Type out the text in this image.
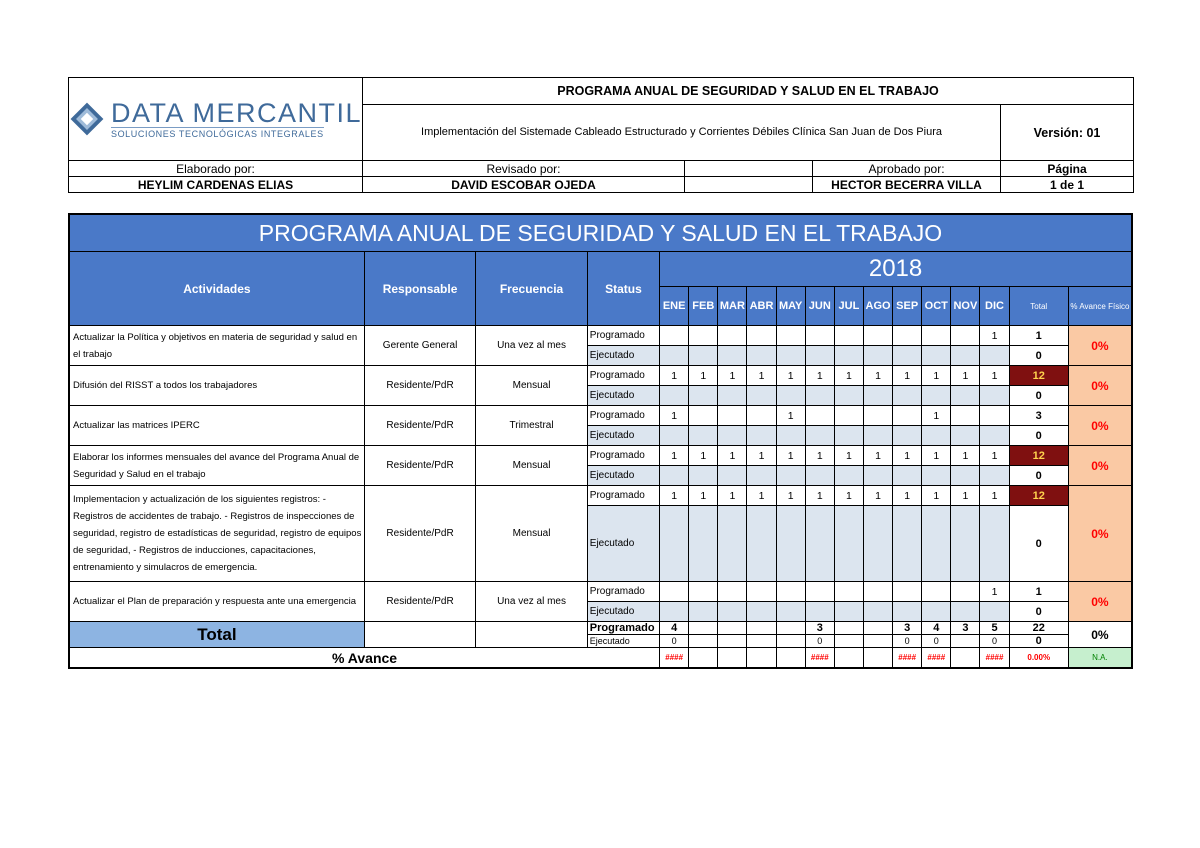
DATA MERCANTIL
SOLUCIONES TECNOLÓGICAS INTEGRALES	PROGRAMA ANUAL DE SEGURIDAD Y SALUD EN EL TRABAJO			
	Implementación del Sistemade Cableado Estructurado y Corrientes Débiles Clínica San Juan de Dos Piura			Versión: 01
Elaborado por:	Revisado por:		Aprobado por:	Página
HEYLIM CARDENAS ELIAS	DAVID ESCOBAR OJEDA		HECTOR BECERRA VILLA	1 de 1
PROGRAMA ANUAL DE SEGURIDAD Y SALUD EN EL TRABAJO																	
Actividades	Responsable	Frecuencia	Status	2018													
				ENE	FEB	MAR	ABR	MAY	JUN	JUL	AGO	SEP	OCT	NOV	DIC	Total	% Avance Físico
Actualizar la Política y objetivos en materia de seguridad y salud en el trabajo	Gerente General	Una vez al mes	Programado												1	1	0%
			Ejecutado													0	
Difusión del RISST a todos los trabajadores	Residente/PdR	Mensual	Programado	1	1	1	1	1	1	1	1	1	1	1	1	12	0%
			Ejecutado													0	
Actualizar las matrices IPERC	Residente/PdR	Trimestral	Programado	1				1					1			3	0%
			Ejecutado													0	
Elaborar los informes mensuales del avance del Programa Anual de Seguridad y Salud en el trabajo	Residente/PdR	Mensual	Programado	1	1	1	1	1	1	1	1	1	1	1	1	12	0%
			Ejecutado													0	
Implementacion y actualización de los siguientes registros: - Registros de accidentes de trabajo. - Registros de inspecciones de seguridad, registro de estadísticas de seguridad, registro de equipos de seguridad, - Registros de inducciones, capacitaciones, entrenamiento y simulacros de emergencia.	Residente/PdR	Mensual	Programado	1	1	1	1	1	1	1	1	1	1	1	1	12	0%
			Ejecutado													0	
Actualizar el Plan de preparación y respuesta ante una emergencia	Residente/PdR	Una vez al mes	Programado												1	1	0%
			Ejecutado													0	
Total			Programado	4					3			3	4	3	5	22	0%
			Ejecutado	0					0			0	0		0	0	
% Avance				####					####			####	####		####	0.00%	N.A.
